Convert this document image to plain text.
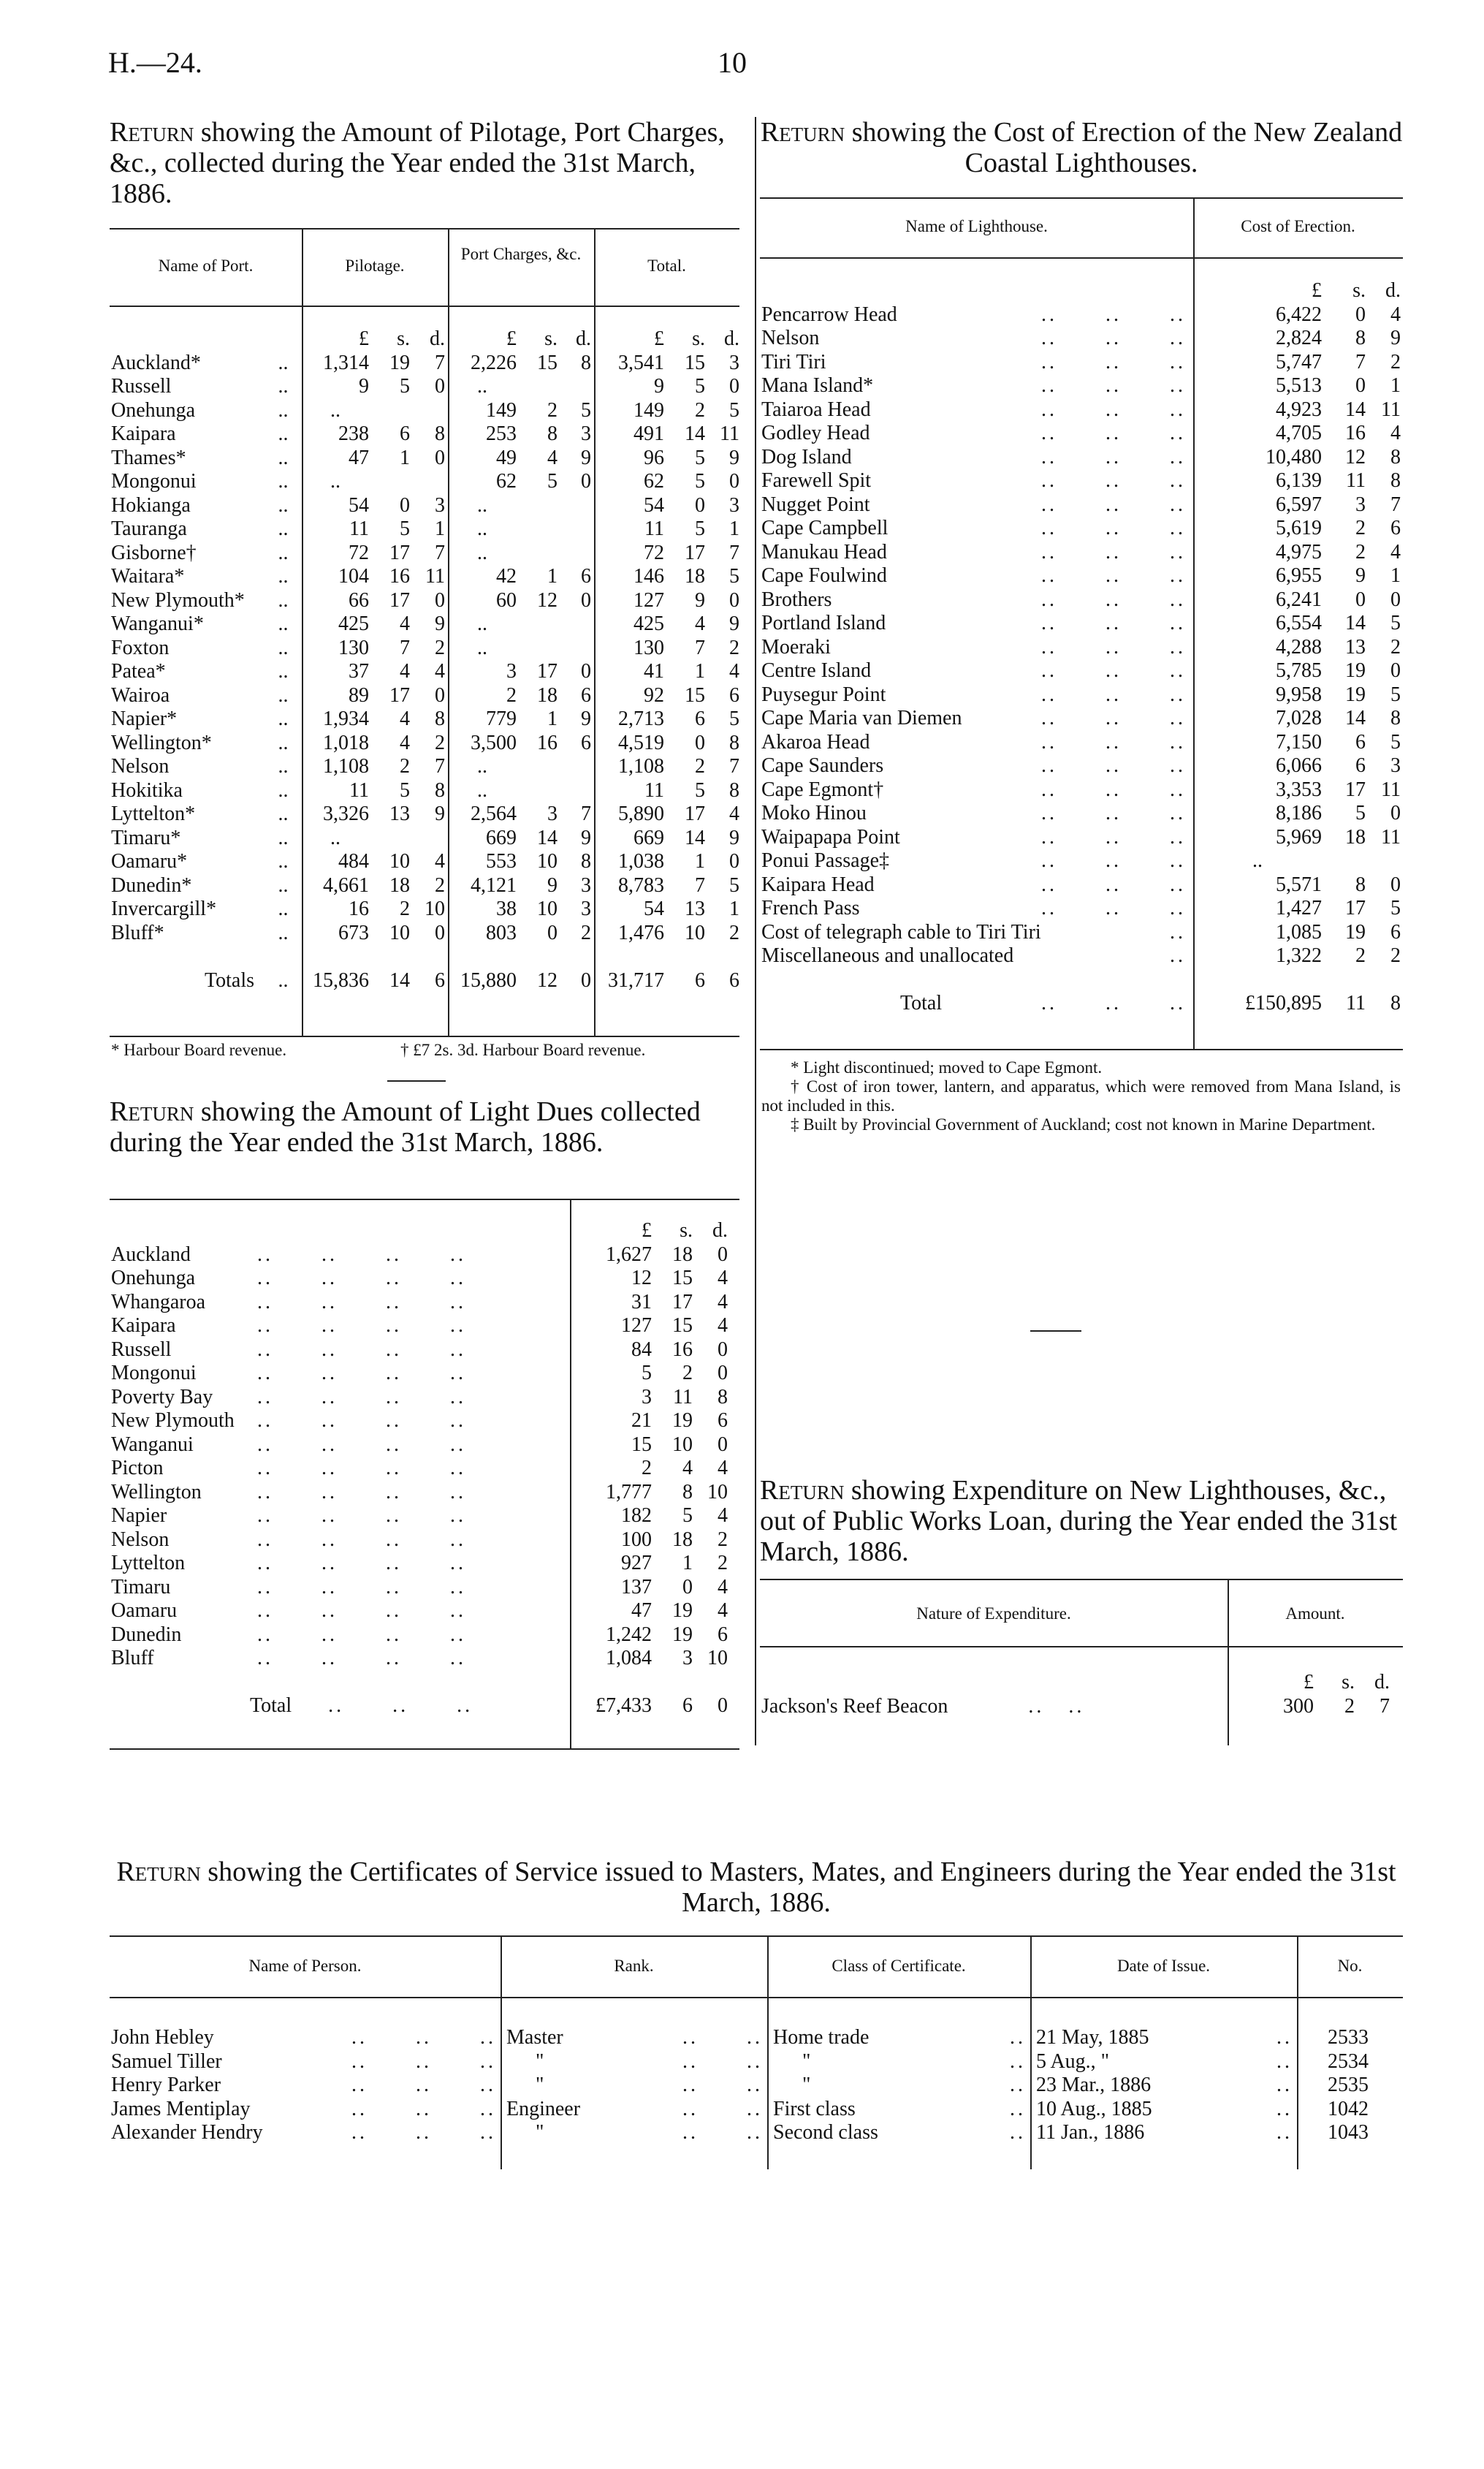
H.—24.	10
Return showing the Amount of Pilotage, Port Charges, &c., collected during the Year ended the 31st March, 1886.
Name of Port.	Pilotage.
Port Charges, &c.
Total.
		£	s.	d.	£	s.	d.	£	s.	d.
Auckland*	..	1,314	19	7	2,226	15	8	3,541	15	3
Russell	..	9	5	0	..			9	5	0
Onehunga	..	..			149	2	5	149	2	5
Kaipara	..	238	6	8	253	8	3	491	14	11
Thames*	..	47	1	0	49	4	9	96	5	9
Mongonui	..	..			62	5	0	62	5	0
Hokianga	..	54	0	3	..			54	0	3
Tauranga	..	11	5	1	..			11	5	1
Gisborne†	..	72	17	7	..			72	17	7
Waitara*	..	104	16	11	42	1	6	146	18	5
New Plymouth*	..	66	17	0	60	12	0	127	9	0
Wanganui*	..	425	4	9	..			425	4	9
Foxton	..	130	7	2	..			130	7	2
Patea*	..	37	4	4	3	17	0	41	1	4
Wairoa	..	89	17	0	2	18	6	92	15	6
Napier*	..	1,934	4	8	779	1	9	2,713	6	5
Wellington*	..	1,018	4	2	3,500	16	6	4,519	0	8
Nelson	..	1,108	2	7	..			1,108	2	7
Hokitika	..	11	5	8	..			11	5	8
Lyttelton*	..	3,326	13	9	2,564	3	7	5,890	17	4
Timaru*	..	..			669	14	9	669	14	9
Oamaru*	..	484	10	4	553	10	8	1,038	1	0
Dunedin*	..	4,661	18	2	4,121	9	3	8,783	7	5
Invercargill*	..	16	2	10	38	10	3	54	13	1
Bluff*	..	673	10	0	803	0	2	1,476	10	2

Totals	..	15,836	14	6	15,880	12	0	31,717	6	6
* Harbour Board revenue.	† £7 2s. 3d. Harbour Board revenue.
Return showing the Amount of Light Dues collected during the Year ended the 31st March, 1886.
	£	s.	d.
Auckland ..      ..      ..      ..	1,627	18	0
Onehunga ..      ..      ..      ..	12	15	4
Whangaroa ..      ..      ..      ..	31	17	4
Kaipara ..      ..      ..      ..	127	15	4
Russell ..      ..      ..      ..	84	16	0
Mongonui ..      ..      ..      ..	5	2	0
Poverty Bay ..      ..      ..      ..	3	11	8
New Plymouth ..      ..      ..      ..	21	19	6
Wanganui ..      ..      ..      ..	15	10	0
Picton ..      ..      ..      ..	2	4	4
Wellington ..      ..      ..      ..	1,777	8	10
Napier ..      ..      ..      ..	182	5	4
Nelson ..      ..      ..      ..	100	18	2
Lyttelton ..      ..      ..      ..	927	1	2
Timaru ..      ..      ..      ..	137	0	4
Oamaru ..      ..      ..      ..	47	19	4
Dunedin ..      ..      ..      ..	1,242	19	6
Bluff ..      ..      ..      ..	1,084	3	10

Total ..      ..      ..	£7,433	6	0
Return showing the Cost of Erection of the New Zealand Coastal Lighthouses.
Name of Lighthouse.	Cost of Erection.
	£	s.	d.
Pencarrow Head ..      ..      ..	6,422	0	4
Nelson ..      ..      ..	2,824	8	9
Tiri Tiri ..      ..      ..	5,747	7	2
Mana Island* ..      ..      ..	5,513	0	1
Taiaroa Head ..      ..      ..	4,923	14	11
Godley Head ..      ..      ..	4,705	16	4
Dog Island ..      ..      ..	10,480	12	8
Farewell Spit ..      ..      ..	6,139	11	8
Nugget Point ..      ..      ..	6,597	3	7
Cape Campbell ..      ..      ..	5,619	2	6
Manukau Head ..      ..      ..	4,975	2	4
Cape Foulwind ..      ..      ..	6,955	9	1
Brothers ..      ..      ..	6,241	0	0
Portland Island ..      ..      ..	6,554	14	5
Moeraki ..      ..      ..	4,288	13	2
Centre Island ..      ..      ..	5,785	19	0
Puysegur Point ..      ..      ..	9,958	19	5
Cape Maria van Diemen ..      ..      ..	7,028	14	8
Akaroa Head ..      ..      ..	7,150	6	5
Cape Saunders ..      ..      ..	6,066	6	3
Cape Egmont† ..      ..      ..	3,353	17	11
Moko Hinou ..      ..      ..	8,186	5	0
Waipapapa Point ..      ..      ..	5,969	18	11
Ponui Passage‡ ..      ..      ..	..		
Kaipara Head ..      ..      ..	5,571	8	0
French Pass ..      ..      ..	1,427	17	5
Cost of telegraph cable to Tiri Tiri ..	1,085	19	6
Miscellaneous and unallocated ..	1,322	2	2

Total ..      ..      ..	£150,895	11	8
* Light discontinued; moved to Cape Egmont.
† Cost of iron tower, lantern, and apparatus, which were removed from Mana Island, is not included in this.
‡ Built by Provincial Government of Auckland; cost not known in Marine Department.
Return showing Expenditure on New Lighthouses, &c., out of Public Works Loan, during the Year ended the 31st March, 1886.
Nature of Expenditure.	Amount.
	£	s.	d.
Jackson's Reef Beacon ..   ..	300	2	7
Return showing the Certificates of Service issued to Masters, Mates, and Engineers during the Year ended the 31st March, 1886.
Name of Person.	Rank.	Class of Certificate.	Date of Issue.	No.
John Hebley ..      ..      ..	Master ..      ..	Home trade ..	21 May, 1885 ..	2533
Samuel Tiller ..      ..      ..	" ..      ..	" ..	5 Aug., " ..	2534
Henry Parker ..      ..      ..	" ..      ..	" ..	23 Mar., 1886 ..	2535
James Mentiplay ..      ..      ..	Engineer ..      ..	First class ..	10 Aug., 1885 ..	1042
Alexander Hendry ..      ..      ..	" ..      ..	Second class ..	11 Jan., 1886 ..	1043
